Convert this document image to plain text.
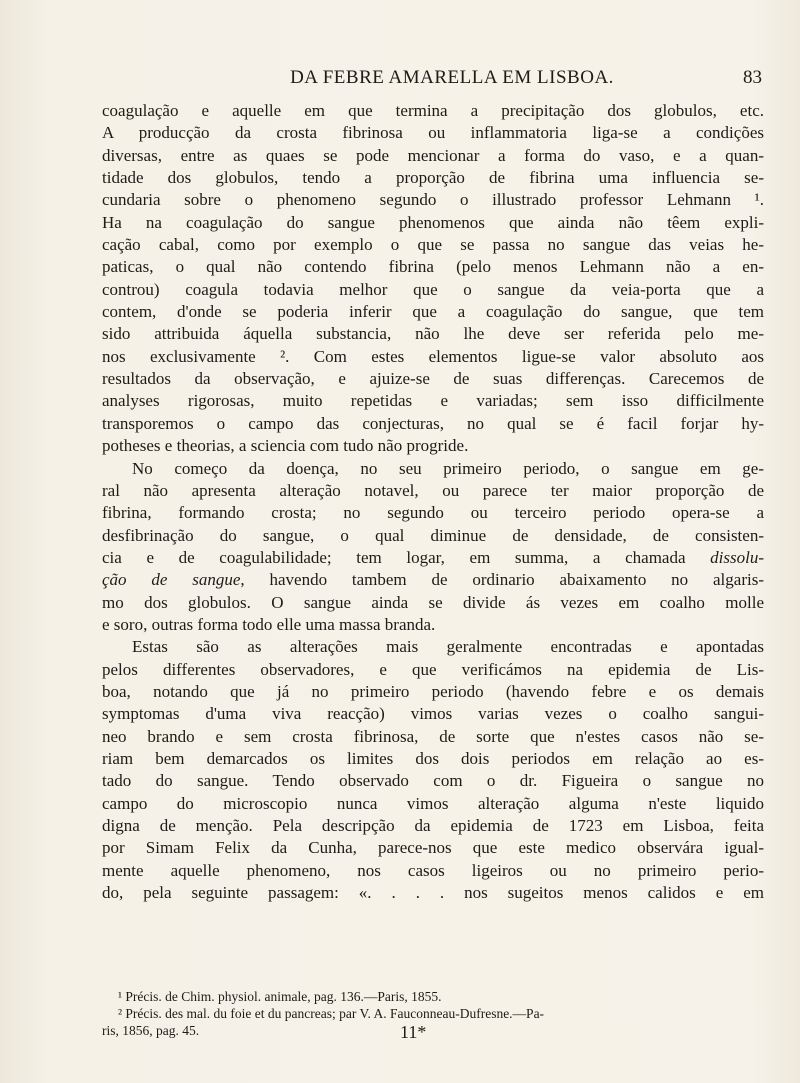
DA FEBRE AMARELLA EM LISBOA.	83

coagulação e aquelle em que termina a precipitação dos globulos, etc.
A producção da crosta fibrinosa ou inflammatoria liga-se a condições
diversas, entre as quaes se pode mencionar a forma do vaso, e a quan-
tidade dos globulos, tendo a proporção de fibrina uma influencia se-
cundaria sobre o phenomeno segundo o illustrado professor Lehmann ¹.
Ha na coagulação do sangue phenomenos que ainda não têem expli-
cação cabal, como por exemplo o que se passa no sangue das veias he-
paticas, o qual não contendo fibrina (pelo menos Lehmann não a en-
controu) coagula todavia melhor que o sangue da veia-porta que a
contem, d'onde se poderia inferir que a coagulação do sangue, que tem
sido attribuida áquella substancia, não lhe deve ser referida pelo me-
nos exclusivamente ². Com estes elementos ligue-se valor absoluto aos
resultados da observação, e ajuize-se de suas differenças. Carecemos de
analyses rigorosas, muito repetidas e variadas; sem isso difficilmente
transporemos o campo das conjecturas, no qual se é facil forjar hy-
potheses e theorias, a sciencia com tudo não progride.

No começo da doença, no seu primeiro periodo, o sangue em ge-
ral não apresenta alteração notavel, ou parece ter maior proporção de
fibrina, formando crosta; no segundo ou terceiro periodo opera-se a
desfibrinação do sangue, o qual diminue de densidade, de consisten-
cia e de coagulabilidade; tem logar, em summa, a chamada dissolu-
ção de sangue, havendo tambem de ordinario abaixamento no algaris-
mo dos globulos. O sangue ainda se divide ás vezes em coalho molle
e soro, outras forma todo elle uma massa branda.

Estas são as alterações mais geralmente encontradas e apontadas
pelos differentes observadores, e que verificámos na epidemia de Lis-
boa, notando que já no primeiro periodo (havendo febre e os demais
symptomas d'uma viva reacção) vimos varias vezes o coalho sangui-
neo brando e sem crosta fibrinosa, de sorte que n'estes casos não se-
riam bem demarcados os limites dos dois periodos em relação ao es-
tado do sangue. Tendo observado com o dr. Figueira o sangue no
campo do microscopio nunca vimos alteração alguma n'este liquido
digna de menção. Pela descripção da epidemia de 1723 em Lisboa, feita
por Simam Felix da Cunha, parece-nos que este medico observára igual-
mente aquelle phenomeno, nos casos ligeiros ou no primeiro perio-
do, pela seguinte passagem: «. . . . nos sugeitos menos calidos e em

¹ Précis. de Chim. physiol. animale, pag. 136.—Paris, 1855.

² Précis. des mal. du foie et du pancreas; par V. A. Fauconneau-Dufresne.—Pa-

ris, 1856, pag. 45.	11*
